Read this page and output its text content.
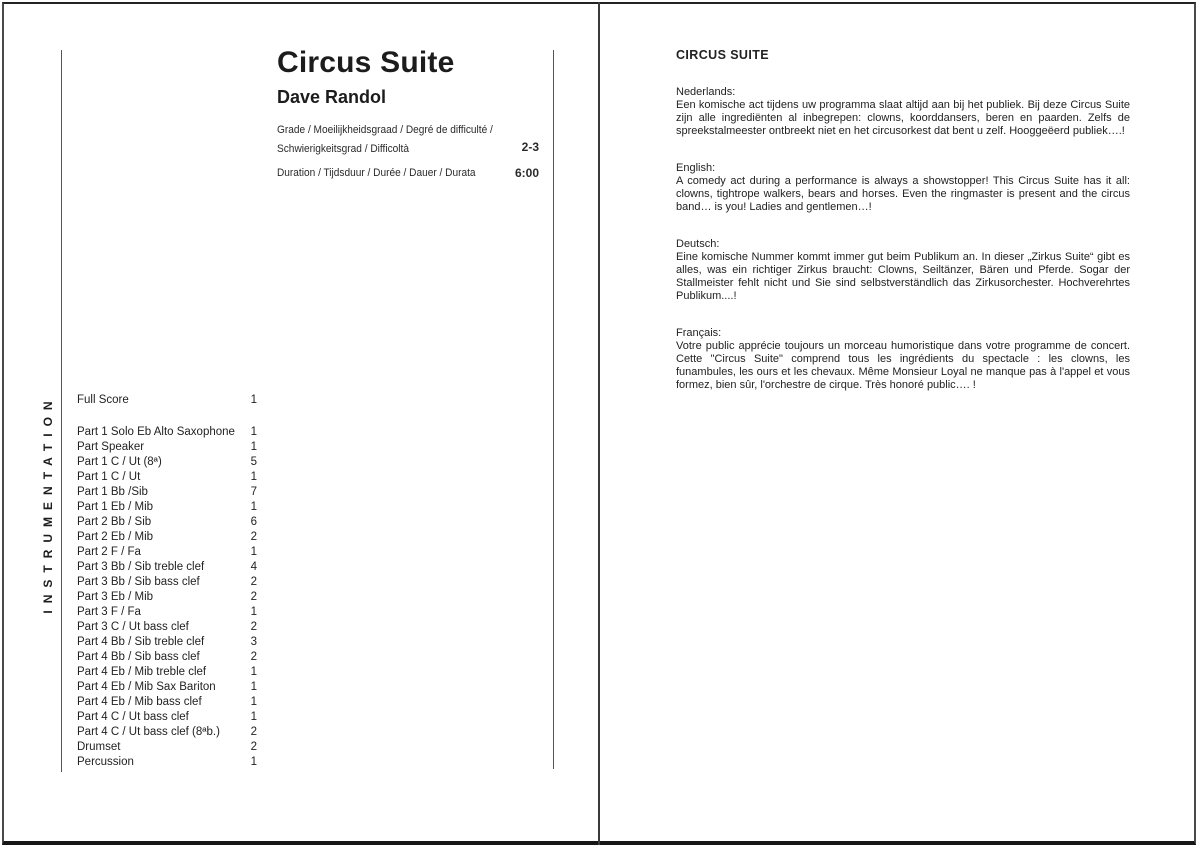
Circus Suite
Dave Randol
Grade / Moeilijkheidsgraad / Degré de difficulté /
Schwierigkeitsgrad / Difficoltà	2-3
Duration / Tijdsduur / Durée / Dauer / Durata	6:00
INSTRUMENTATION Full Score	1
Part 1 Solo Eb Alto Saxophone 1
Part Speaker	1
Part 1 C / Ut (8ª)	5
Part 1 C / Ut	1
Part 1 Bb /Sib	7
Part 1 Eb / Mib	1
Part 2 Bb / Sib	6
Part 2 Eb / Mib	2
Part 2 F / Fa	1
Part 3 Bb / Sib treble clef	4
Part 3 Bb / Sib bass clef	2
Part 3 Eb / Mib	2
Part 3 F / Fa	1
Part 3 C / Ut bass clef	2
Part 4 Bb / Sib treble clef	3
Part 4 Bb / Sib bass clef	2
Part 4 Eb / Mib treble clef	1
Part 4 Eb / Mib Sax Bariton	1
Part 4 Eb / Mib bass clef	1
Part 4 C / Ut bass clef	1
Part 4 C / Ut bass clef (8ªb.)	2
Drumset	2
Percussion	1
CIRCUS SUITE
Nederlands:
Een komische act tijdens uw programma slaat altijd aan bij het publiek. Bij deze Circus Suite zijn alle ingrediënten al inbegrepen: clowns, koorddansers, beren en paarden. Zelfs de spreekstalmeester ontbreekt niet en het circusorkest dat bent u zelf. Hooggeëerd publiek….!
English:
A comedy act during a performance is always a showstopper! This Circus Suite has it all: clowns, tightrope walkers, bears and horses. Even the ringmaster is present and the circus band… is you! Ladies and gentlemen…!
Deutsch:
Eine komische Nummer kommt immer gut beim Publikum an. In dieser „Zirkus Suite“ gibt es alles, was ein richtiger Zirkus braucht: Clowns, Seiltänzer, Bären und Pferde. Sogar der Stallmeister fehlt nicht und Sie sind selbstverständlich das Zirkusorchester. Hochverehrtes Publikum....!
Français:
Votre public apprécie toujours un morceau humoristique dans votre programme de concert. Cette "Circus Suite" comprend tous les ingrédients du spectacle : les clowns, les funambules, les ours et les chevaux. Même Monsieur Loyal ne manque pas à l'appel et vous formez, bien sûr, l'orchestre de cirque. Très honoré public…. !
